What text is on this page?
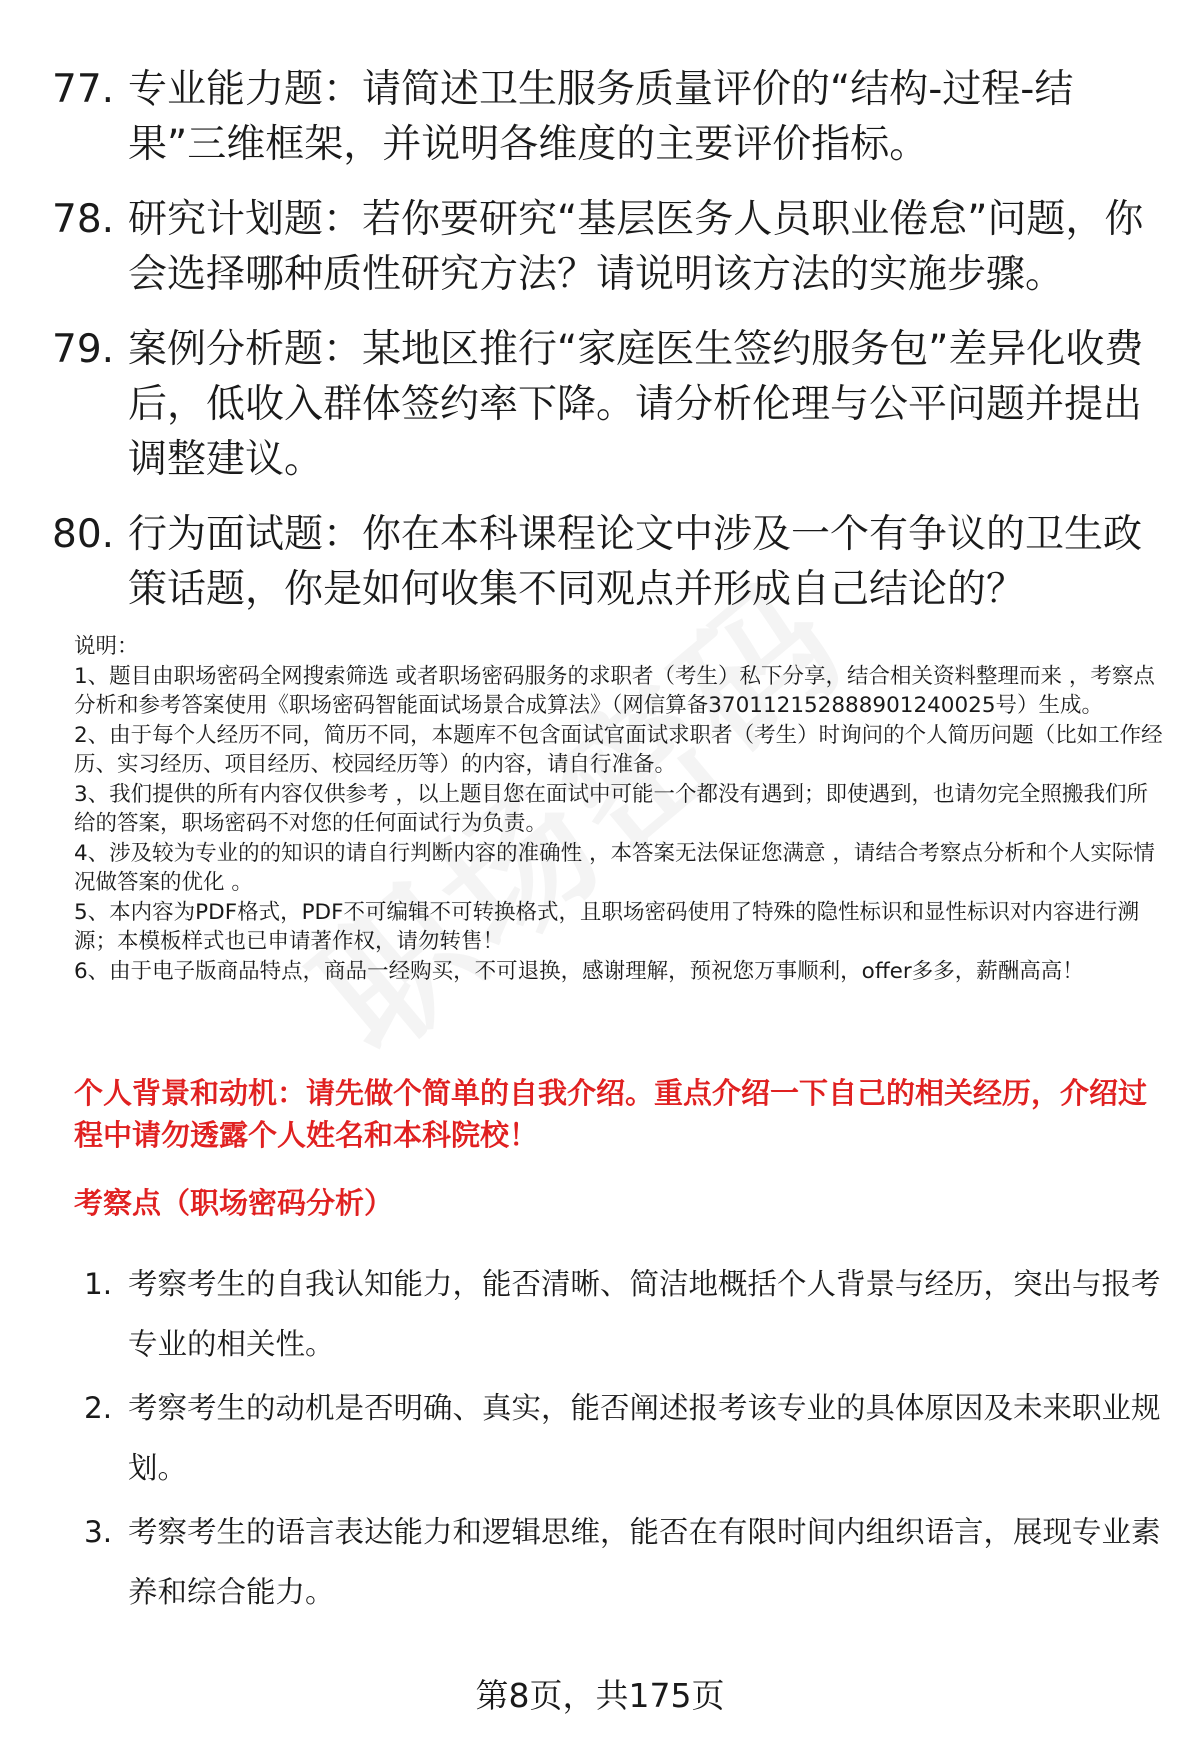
77. 专业能力题：请简述卫生服务质量评价的“结构-过程-结果”三维框架，并说明各维度的主要评价指标。
78. 研究计划题：若你要研究“基层医务人员职业倦怠”问题，你会选择哪种质性研究方法？请说明该方法的实施步骤。
79. 案例分析题：某地区推行“家庭医生签约服务包”差异化收费后，低收入群体签约率下降。请分析伦理与公平问题并提出调整建议。
80. 行为面试题：你在本科课程论文中涉及一个有争议的卫生政策话题，你是如何收集不同观点并形成自己结论的？
说明：
1、题目由职场密码全网搜索筛选 或者职场密码服务的求职者（考生）私下分享，结合相关资料整理而来 ，考察点分析和参考答案使用《职场密码智能面试场景合成算法》（网信算备370112152888901240025号）生成。
2、由于每个人经历不同，简历不同，本题库不包含面试官面试求职者（考生）时询问的个人简历问题（比如工作经历、实习经历、项目经历、校园经历等）的内容，请自行准备。
3、我们提供的所有内容仅供参考 ，以上题目您在面试中可能一个都没有遇到；即使遇到，也请勿完全照搬我们所给的答案，职场密码不对您的任何面试行为负责。
4、涉及较为专业的的知识的请自行判断内容的准确性 ，本答案无法保证您满意 ，请结合考察点分析和个人实际情况做答案的优化 。
5、本内容为PDF格式，PDF不可编辑不可转换格式，且职场密码使用了特殊的隐性标识和显性标识对内容进行溯源；本模板样式也已申请著作权，请勿转售！
6、由于电子版商品特点，商品一经购买，不可退换，感谢理解，预祝您万事顺利，offer多多，薪酬高高！
个人背景和动机：请先做个简单的自我介绍。重点介绍一下自己的相关经历，介绍过程中请勿透露个人姓名和本科院校！
考察点（职场密码分析）
1. 考察考生的自我认知能力，能否清晰、简洁地概括个人背景与经历，突出与报考专业的相关性。
2. 考察考生的动机是否明确、真实，能否阐述报考该专业的具体原因及未来职业规划。
3. 考察考生的语言表达能力和逻辑思维，能否在有限时间内组织语言，展现专业素养和综合能力。
第8页，共175页
